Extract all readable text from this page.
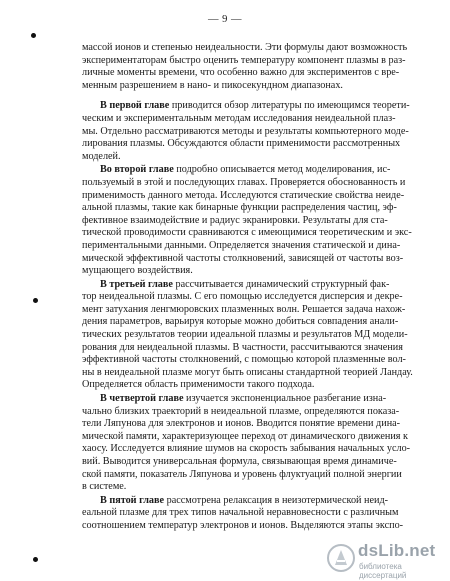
— 9 —
массой ионов и степенью неидеальности. Эти формулы дают возможность
экспериментаторам быстро оценить температуру компонент плазмы в раз-
личные моменты времени, что особенно важно для экспериментов с вре-
менным разрешением в нано- и пикосекундном диапазонах.
В первой главе приводится обзор литературы по имеющимся теорети-
ческим и экспериментальным методам исследования неидеальной плаз-
мы. Отдельно рассматриваются методы и результаты компьютерного моде-
лирования плазмы. Обсуждаются области применимости рассмотренных
моделей.
Во второй главе подробно описывается метод моделирования, ис-
пользуемый в этой и последующих главах. Проверяется обоснованность и
применимость данного метода. Исследуются статические свойства неиде-
альной плазмы, такие как бинарные функции распределения частиц, эф-
фективное взаимодействие и радиус экранировки. Результаты для ста-
тической проводимости сравниваются с имеющимися теоретическим и экс-
периментальными данными. Определяется значения статической и дина-
мической эффективной частоты столкновений, зависящей от частоты воз-
мущающего воздействия.
В третьей главе рассчитывается динамический структурный фак-
тор неидеальной плазмы. С его помощью исследуется дисперсия и декре-
мент затухания ленгмюровских плазменных волн. Решается задача нахож-
дения параметров, варьируя которые можно добиться совпадения анали-
тических результатов теории идеальной плазмы и результатов МД модели-
рования для неидеальной плазмы. В частности, рассчитываются значения
эффективной частоты столкновений, с помощью которой плазменные вол-
ны в неидеальной плазме могут быть описаны стандартной теорией Ландау.
Определяется область применимости такого подхода.
В четвертой главе изучается экспоненциальное разбегание изна-
чально близких траекторий в неидеальной плазме, определяются показа-
тели Ляпунова для электронов и ионов. Вводится понятие времени дина-
мической памяти, характеризующее переход от динамического движения к
хаосу. Исследуется влияние шумов на скорость забывания начальных усло-
вий. Выводится универсальная формула, связывающая время динамиче-
ской памяти, показатель Ляпунова и уровень флуктуаций полной энергии
в системе.
В пятой главе рассмотрена релаксация в неизотермической неид-
еальной плазме для трех типов начальной неравновесности с различным
соотношением температур электронов и ионов. Выделяются этапы экспо-
dsLib.net
библиотека диссертаций
